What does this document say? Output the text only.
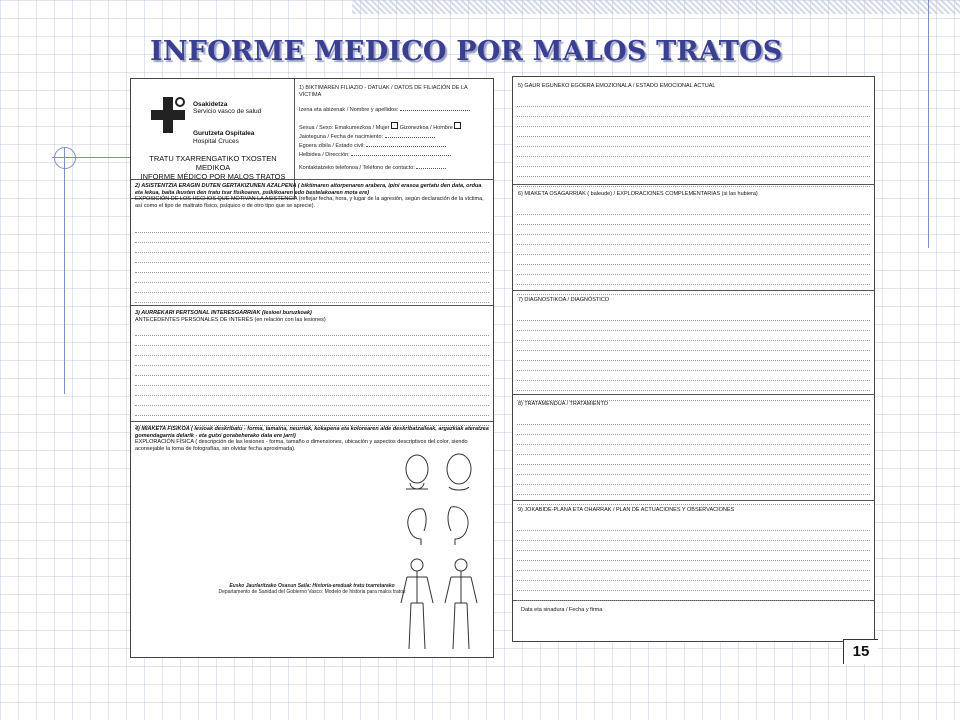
INFORME MEDICO POR MALOS TRATOS
Osakidetza
Servicio vasco de salud
Gurutzeta Ospitalea
Hospital Cruces
TRATU TXARRENGATIKO TXOSTEN MEDIKOA
INFORME MÉDICO POR MALOS TRATOS
1) BIKTIMAREN FILIAZIO - DATUAK / DATOS DE FILIACIÓN DE LA VÍCTIMA
Izena eta abizenak / Nombre y apellidos:
Sexua / Sexo: Emakumezkoa / Mujer Gizonezkoa / Hombre
Jaioteguna / Fecha de nacimiento:
Egoera zibila / Estado civil:
Helbidea / Dirección:
Kontaktatzeko telefonoa / Teléfono de contacto:
2) ASISTENTZIA ERAGIN DUTEN GERTAKIZUNEN AZALPENA ( biktimaren aitorpenaren arabera, ipini erasoa gertatu den data, ordua eta lekua, baita ikusten den tratu txar fisikoaren, psikikoaren edo bestelakoaren mota ere)
EXPOSICIÓN DE LOS HECHOS QUE MOTIVAN LA ASISTENCIA (reflejar fecha, hora, y lugar de la agresión, según declaración de la víctima, así como el tipo de maltrato físico, psíquico o de otro tipo que se aprecie).
3) AURREKARI PERTSONAL INTERESGARRIAK (lesioei buruzkoak)
ANTECEDENTES PERSONALES DE INTERÉS (en relación con las lesiones)
4) MIAKETA FISIKOA ( lesioak deskribatu - forma, tamaina, neurriak, kokapena eta kolorearen alde deskribatzaileak, argazkiak ateratzea gomendagarria delarik - eta gutxi gorabeherako data ere jarri)
EXPLORACIÓN FÍSICA ( descripción de las lesiones - forma, tamaño o dimensiones, ubicación y aspectos descriptivos del color, siendo aconsejable la toma de fotografías, sin olvidar fecha aproximada).
Eusko Jaurlaritzako Osasun Saila: Historia-ereduak tratu txarretarako
Departamento de Sanidad del Gobierno Vasco: Modelo de historia para malos tratos
5) GAUR EGUNEKO EGOERA EMOZIONALA / ESTADO EMOCIONAL ACTUAL
6) MIAKETA OSAGARRIAK ( baleude) / EXPLORACIONES COMPLEMENTARIAS (si las hubiera)
7) DIAGNOSTIKOA / DIAGNÓSTICO
8) TRATAMENDUA / TRATAMIENTO
9) JOKABIDE-PLANA ETA OHARRAK / PLAN DE ACTUACIONES Y OBSERVACIONES
Data eta sinadura / Fecha y firma
15
